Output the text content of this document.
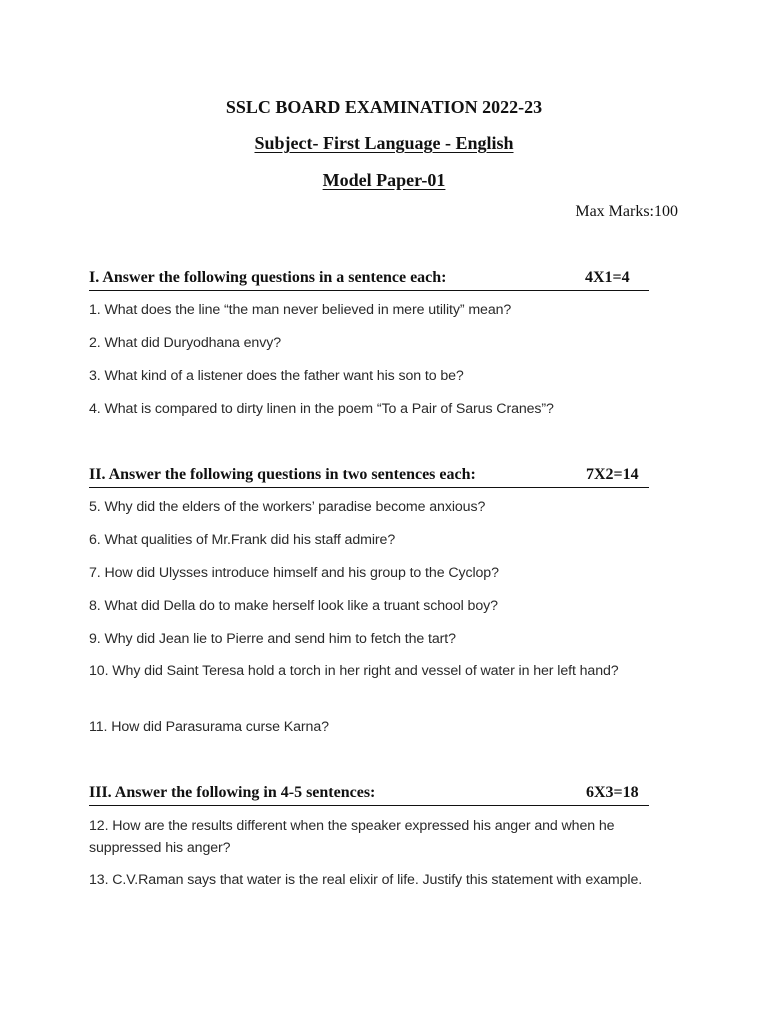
SSLC BOARD EXAMINATION 2022-23
Subject- First Language - English
Model Paper-01
Max Marks:100
I. Answer the following questions in a sentence each:	4X1=4
1. What does the line “the man never believed in mere utility” mean?
2. What did Duryodhana envy?
3. What kind of a listener does the father want his son to be?
4. What is compared to dirty linen in the poem “To a Pair of Sarus Cranes”?
II. Answer the following questions in two sentences each:	7X2=14
5. Why did the elders of the workers’ paradise become anxious?
6. What qualities of Mr.Frank did his staff admire?
7. How did Ulysses introduce himself and his group to the Cyclop?
8. What did Della do to make herself look like a truant school boy?
9. Why did Jean lie to Pierre and send him to fetch the tart?
10. Why did Saint Teresa hold a torch in her right and vessel of water in her left hand?
11. How did Parasurama curse Karna?
III. Answer the following in 4-5 sentences:	6X3=18
12. How are the results different when the speaker expressed his anger and when he suppressed his anger?
13. C.V.Raman says that water is the real elixir of life. Justify this statement with example.
